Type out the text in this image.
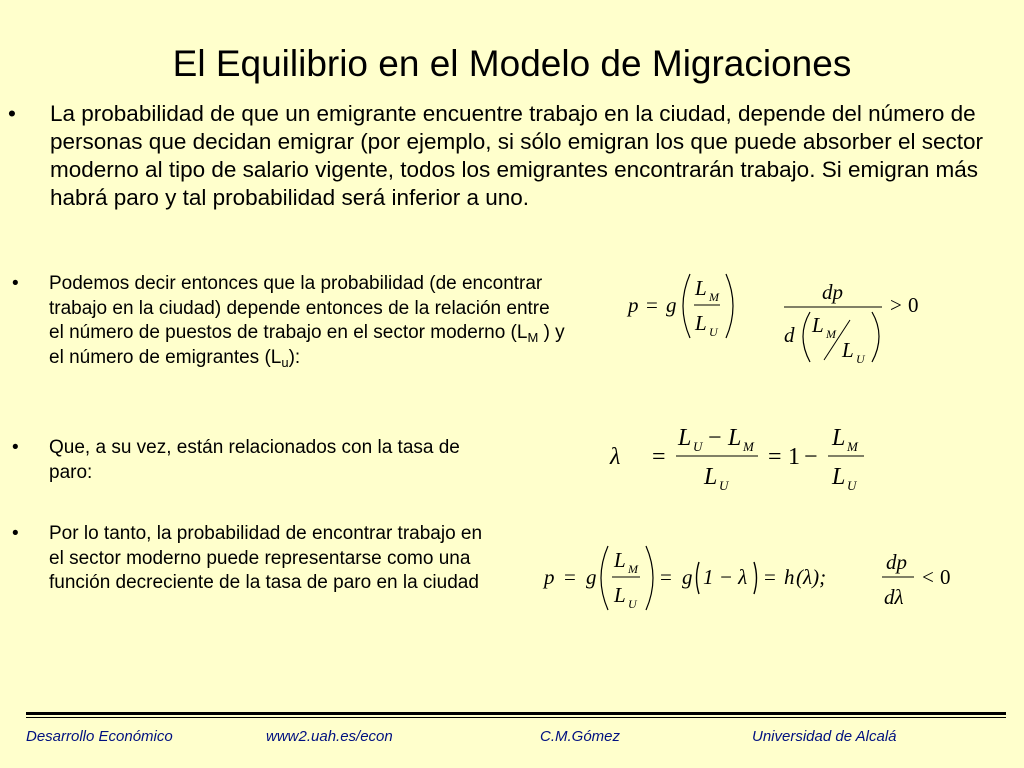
El Equilibrio en el Modelo de Migraciones
• La probabilidad de que un emigrante encuentre trabajo en la ciudad, depende del número de personas que decidan emigrar (por ejemplo, si sólo emigran los que puede absorber el sector moderno al tipo de salario vigente, todos los emigrantes encontrarán trabajo. Si emigran más habrá paro y tal probabilidad será inferior a uno.
• Podemos decir entonces que la probabilidad (de encontrar trabajo en la ciudad) depende entonces de la relación entre el número de puestos de trabajo en el sector moderno ($L_M$ ) y el número de emigrantes $(L_u)$:
• Que, a su vez, están relacionados con la tasa de paro:
• Por lo tanto, la probabilidad de encontrar trabajo en el sector moderno puede representarse como una función decreciente de la tasa de paro en la ciudad
p = g
L M
L U
dp
d L M
L U
> 0
λ =
L U − L M
L U
= 1 −
L M
L U
p = g
L M
L U
= g 1 − λ = h (λ);
dp
dλ
< 0
Desarrollo Económico	www2.uah.es/econ	C.M.Gómez	Universidad de Alcalá
